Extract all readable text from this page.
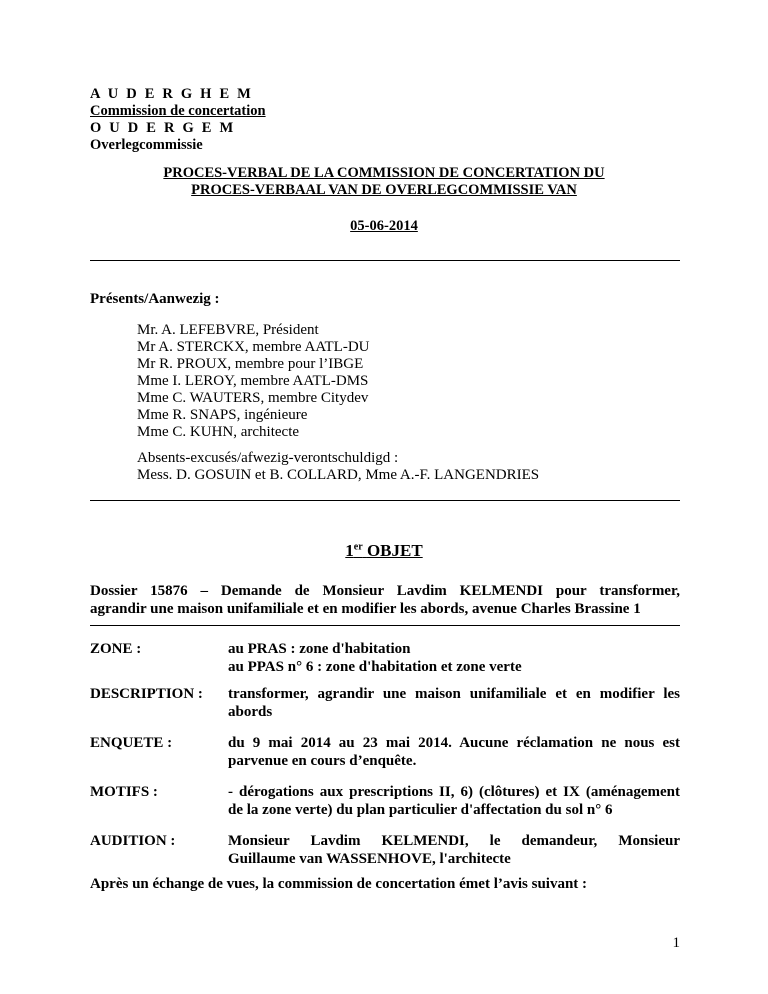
A U D E R G H E M
Commission de concertation
O U D E R G E M
Overlegcommissie
PROCES-VERBAL DE LA COMMISSION DE CONCERTATION DU
PROCES-VERBAAL VAN DE OVERLEGCOMMISSIE VAN
05-06-2014
Présents/Aanwezig :
Mr. A. LEFEBVRE, Président
Mr A. STERCKX, membre AATL-DU
Mr R. PROUX, membre pour l’IBGE
Mme I. LEROY, membre AATL-DMS
Mme C. WAUTERS, membre Citydev
Mme R. SNAPS, ingénieure
Mme C. KUHN, architecte
Absents-excusés/afwezig-verontschuldigd :
Mess. D. GOSUIN et B. COLLARD, Mme A.-F. LANGENDRIES
1er OBJET
Dossier 15876 – Demande de Monsieur Lavdim KELMENDI pour transformer,
agrandir une maison unifamiliale et en modifier les abords, avenue Charles Brassine 1
ZONE :	au PRAS : zone d'habitation
au PPAS n° 6 : zone d'habitation et zone verte
DESCRIPTION : transformer, agrandir une maison unifamiliale et en modifier les
abords
ENQUETE :	du 9 mai 2014 au 23 mai 2014. Aucune réclamation ne nous est
parvenue en cours d’enquête.
MOTIFS :	- dérogations aux prescriptions II, 6) (clôtures) et IX (aménagement
de la zone verte) du plan particulier d'affectation du sol n° 6
AUDITION :	Monsieur Lavdim KELMENDI, le demandeur, Monsieur
Guillaume van WASSENHOVE, l'architecte
Après un échange de vues, la commission de concertation émet l’avis suivant :
1
